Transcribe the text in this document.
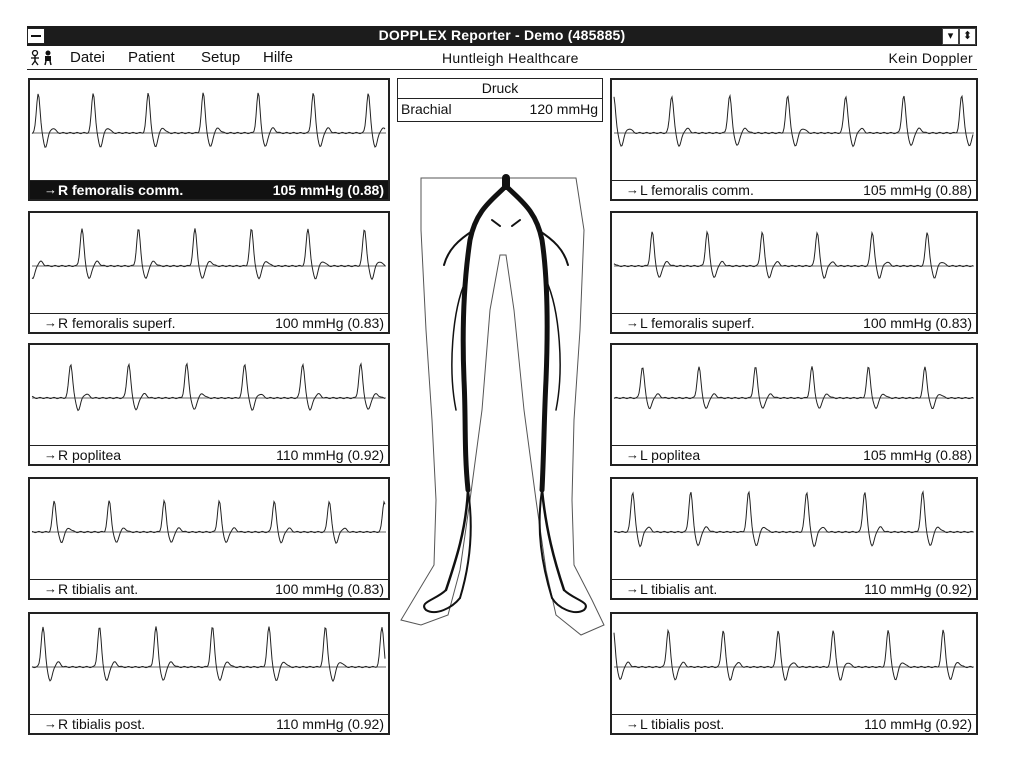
DOPPLEX Reporter - Demo (485885)	▾ ⬍
Datei Patient Setup Hilfe	Huntleigh Healthcare	Kein Doppler
Druck
Brachial	120 mmHg
→ R femoralis comm.	105 mmHg (0.88)
→ R femoralis superf.	100 mmHg (0.83)
→ R poplitea	110 mmHg (0.92)
→ R tibialis ant.	100 mmHg (0.83)
→ R tibialis post.	110 mmHg (0.92)
→ L femoralis comm.	105 mmHg (0.88)
→ L femoralis superf.	100 mmHg (0.83)
→ L poplitea	105 mmHg (0.88)
→ L tibialis ant.	110 mmHg (0.92)
→ L tibialis post.	110 mmHg (0.92)
